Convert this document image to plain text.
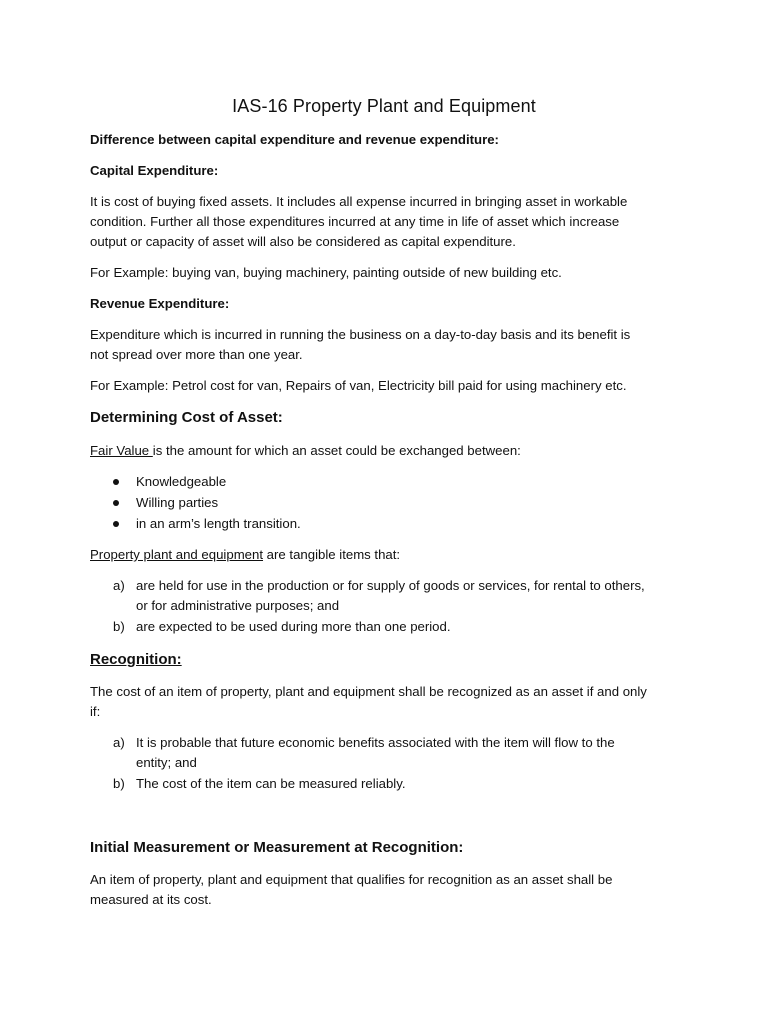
IAS-16 Property Plant and Equipment
Difference between capital expenditure and revenue expenditure:
Capital Expenditure:
It is cost of buying fixed assets. It includes all expense incurred in bringing asset in workable
condition. Further all those expenditures incurred at any time in life of asset which increase
output or capacity of asset will also be considered as capital expenditure.
For Example: buying van, buying machinery, painting outside of new building etc.
Revenue Expenditure:
Expenditure which is incurred in running the business on a day-to-day basis and its benefit is
not spread over more than one year.
For Example: Petrol cost for van, Repairs of van, Electricity bill paid for using machinery etc.
Determining Cost of Asset:
Fair Value is the amount for which an asset could be exchanged between:
Knowledgeable
Willing parties
in an arm’s length transition.
Property plant and equipment are tangible items that:
a) are held for use in the production or for supply of goods or services, for rental to others,
or for administrative purposes; and
b) are expected to be used during more than one period.
Recognition:
The cost of an item of property, plant and equipment shall be recognized as an asset if and only
if:
a) It is probable that future economic benefits associated with the item will flow to the
entity; and
b) The cost of the item can be measured reliably.
Initial Measurement or Measurement at Recognition:
An item of property, plant and equipment that qualifies for recognition as an asset shall be
measured at its cost.
